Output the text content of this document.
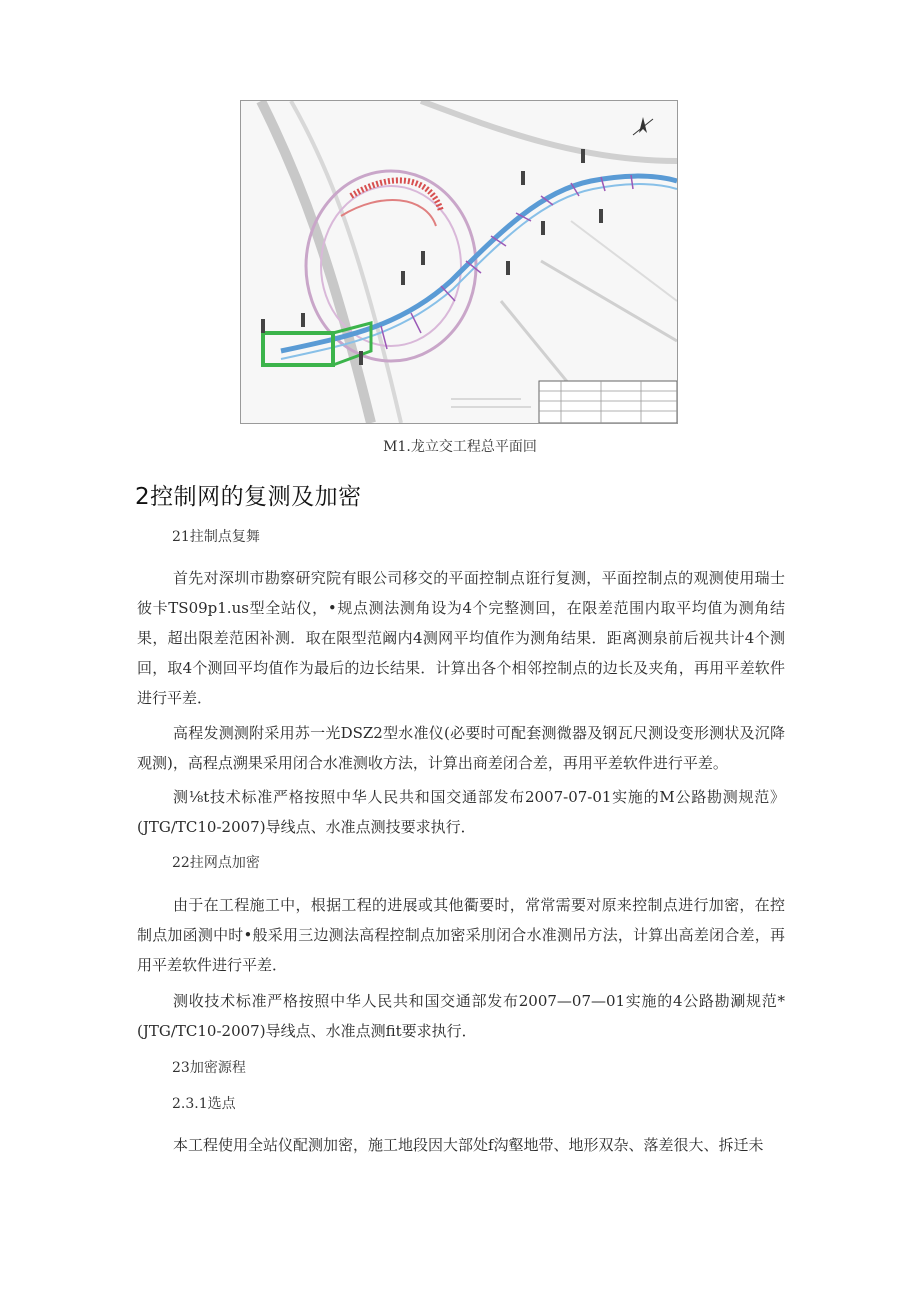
M1.龙立交工程总平面回
2控制网的复测及加密
21拄制点复舞

首先对深圳市勘察研究院有眼公司移交的平面控制点诳行复测，平面控制点的观测使用瑞士彼卡TS09p1.us型全站仪，•规点测法测角设为4个完整测回，在限差范围内取平均值为测角结果，超出限差范困补测．取在限型范阚内4测网平均值作为测角结果．距离测泉前后视共计4个测回，取4个测回平均值作为最后的边长结果．计算出各个相邻控制点的边长及夹角，再用平差软件进行平差．

高程发测测附采用苏一光DSZ2型水准仪(必要时可配套测微器及钢瓦尺测设变形测状及沉降观测)，高程点溯果采用闭合水准测收方法，计算出商差闭合差，再用平差软件进行平差。

测⅛t技术标准严格按照中华人民共和国交通部发布2007-07-01实施的M公路勘测规范》(JTG∕TC10-2007)导线点、水准点测技要求执行．

22拄网点加密

由于在工程施工中，根据工程的进展或其他衢要时，常常需要对原来控制点进行加密，在控制点加函测中时•般采用三边测法高程控制点加密采刖闭合水准测吊方法，计算出高差闭合差，再用平差软件进行平差．

测收技术标准严格按照中华人民共和国交通部发布2007—07—01实施的4公路勘涮规范*(JTG∕TC10-2007)导线点、水准点测fit要求执行．

23加密源程
2.3.1选点

本工程使用全站仪配测加密，施工地段因大部处f沟壑地带、地形双杂、落差很大、拆迁未
